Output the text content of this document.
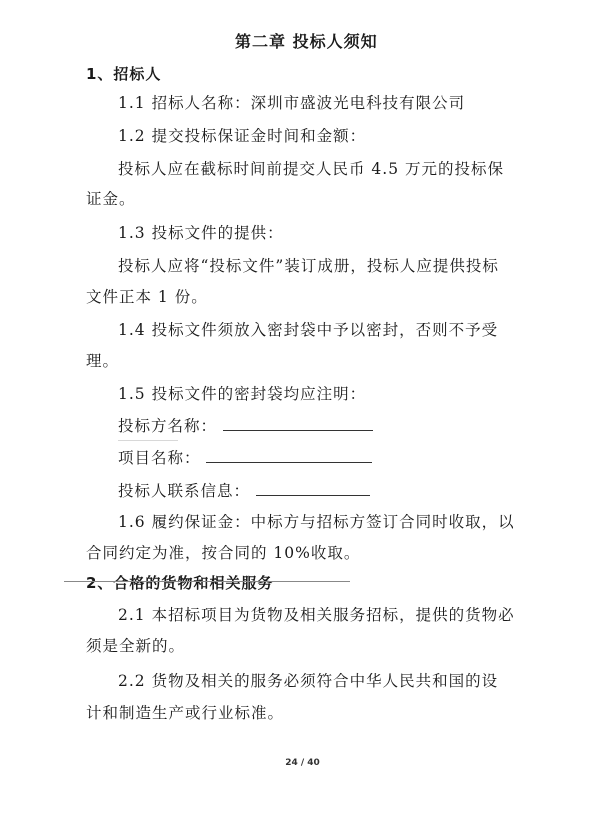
第二章 投标人须知
1、招标人
1.1 招标人名称：深圳市盛波光电科技有限公司
1.2 提交投标保证金时间和金额：
投标人应在截标时间前提交人民币 4.5 万元的投标保
证金。
1.3 投标文件的提供：
投标人应将“投标文件”装订成册，投标人应提供投标
文件正本 1 份。
1.4 投标文件须放入密封袋中予以密封，否则不予受
理。
1.5 投标文件的密封袋均应注明：
投标方名称：
项目名称：
投标人联系信息：
1.6 履约保证金：中标方与招标方签订合同时收取，以
合同约定为准，按合同的 10%收取。
2、合格的货物和相关服务
2.1 本招标项目为货物及相关服务招标，提供的货物必
须是全新的。
2.2 货物及相关的服务必须符合中华人民共和国的设
计和制造生产或行业标准。
24 / 40
